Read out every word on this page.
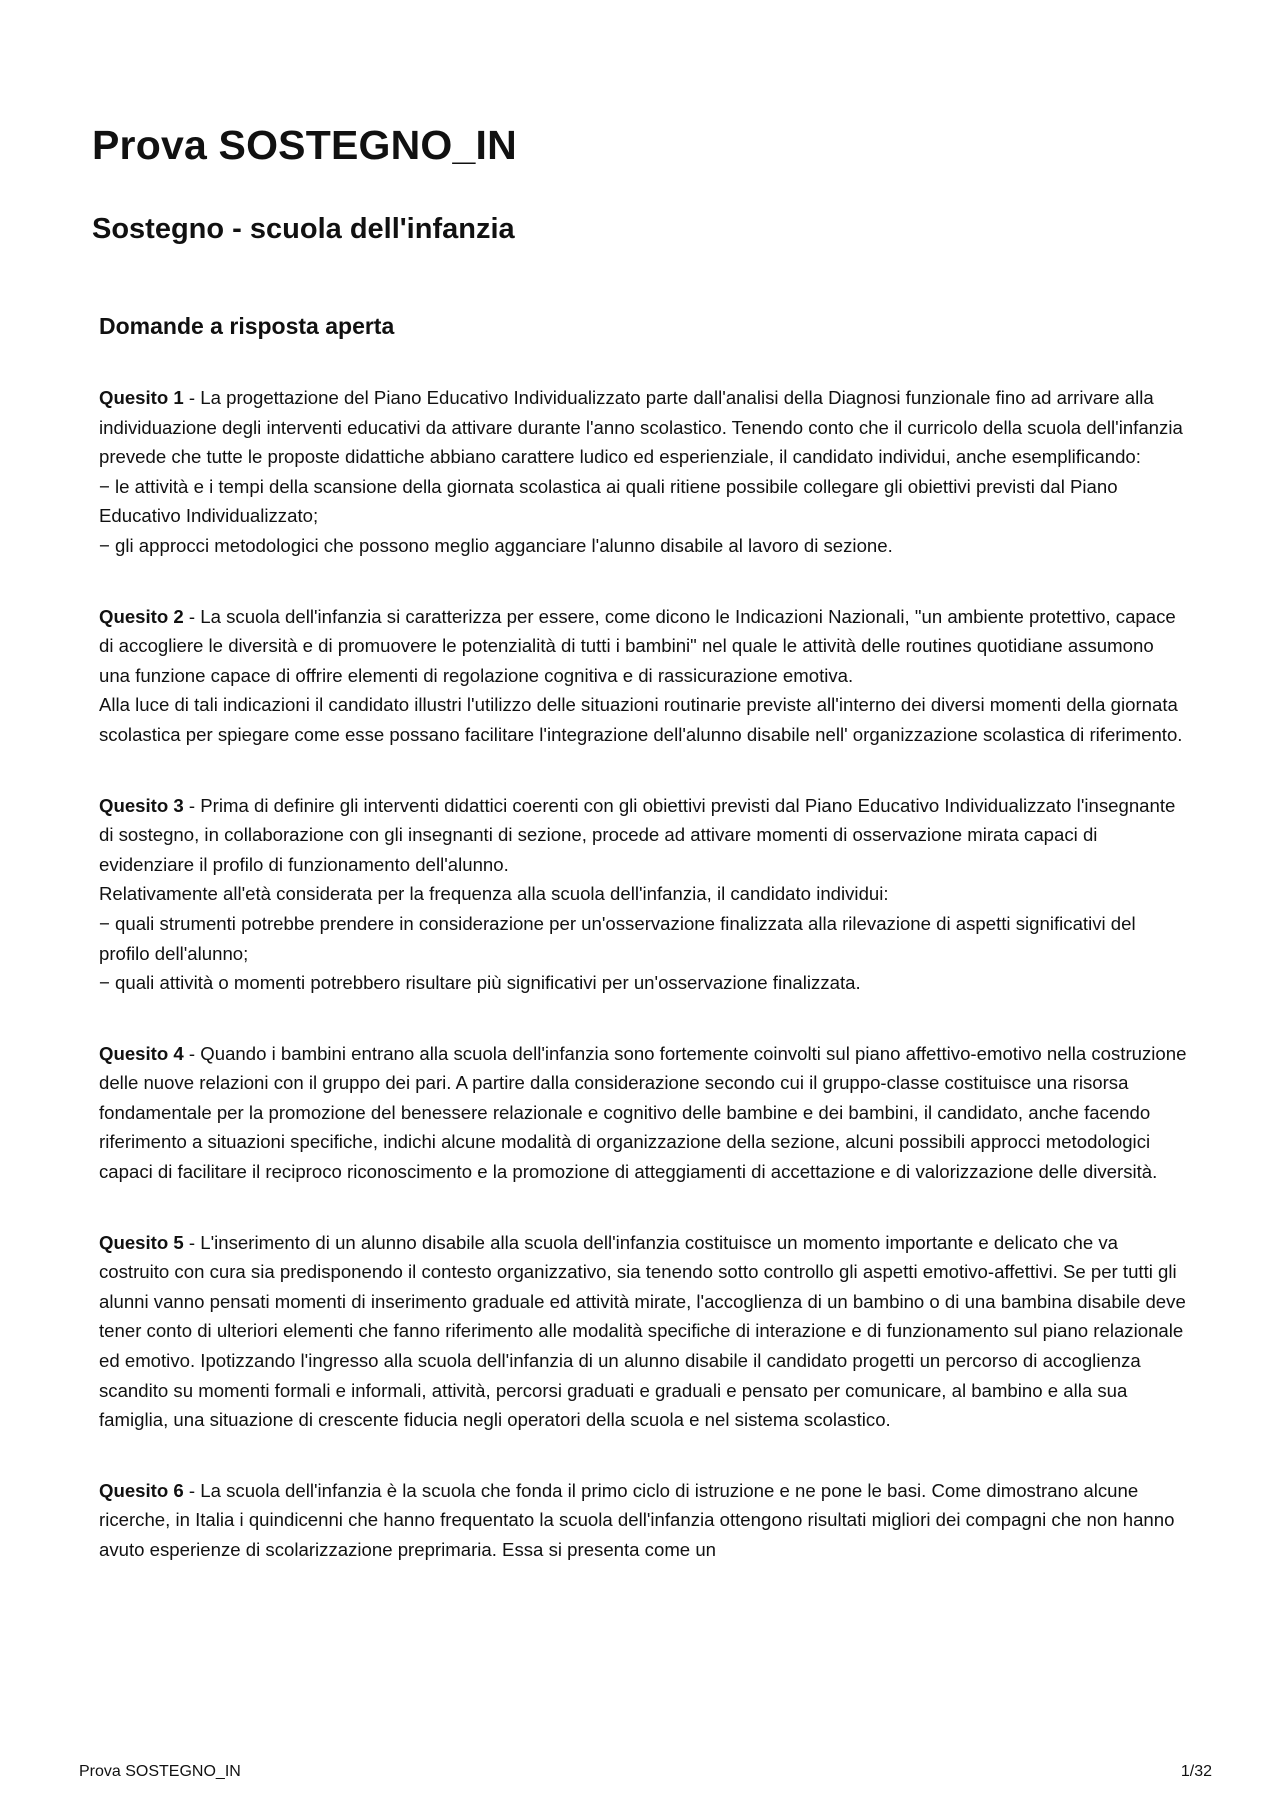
Prova SOSTEGNO_IN
Sostegno - scuola dell'infanzia
Domande a risposta aperta

Quesito 1 - La progettazione del Piano Educativo Individualizzato parte dall'analisi della Diagnosi funzionale fino ad arrivare alla individuazione degli interventi educativi da attivare durante l'anno scolastico. Tenendo conto che il curricolo della scuola dell'infanzia prevede che tutte le proposte didattiche abbiano carattere ludico ed esperienziale, il candidato individui, anche esemplificando:

− le attività e i tempi della scansione della giornata scolastica ai quali ritiene possibile collegare gli obiettivi previsti dal Piano Educativo Individualizzato;

− gli approcci metodologici che possono meglio agganciare l'alunno disabile al lavoro di sezione.

Quesito 2 - La scuola dell'infanzia si caratterizza per essere, come dicono le Indicazioni Nazionali, "un ambiente protettivo, capace di accogliere le diversità e di promuovere le potenzialità di tutti i bambini" nel quale le attività delle routines quotidiane assumono una funzione capace di offrire elementi di regolazione cognitiva e di rassicurazione emotiva.

Alla luce di tali indicazioni il candidato illustri l'utilizzo delle situazioni routinarie previste all'interno dei diversi momenti della giornata scolastica per spiegare come esse possano facilitare l'integrazione dell'alunno disabile nell' organizzazione scolastica di riferimento.

Quesito 3 - Prima di definire gli interventi didattici coerenti con gli obiettivi previsti dal Piano Educativo Individualizzato l'insegnante di sostegno, in collaborazione con gli insegnanti di sezione, procede ad attivare momenti di osservazione mirata capaci di evidenziare il profilo di funzionamento dell'alunno.

Relativamente all'età considerata per la frequenza alla scuola dell'infanzia, il candidato individui:

− quali strumenti potrebbe prendere in considerazione per un'osservazione finalizzata alla rilevazione di aspetti significativi del profilo dell'alunno;

− quali attività o momenti potrebbero risultare più significativi per un'osservazione finalizzata.

Quesito 4 - Quando i bambini entrano alla scuola dell'infanzia sono fortemente coinvolti sul piano affettivo-emotivo nella costruzione delle nuove relazioni con il gruppo dei pari. A partire dalla considerazione secondo cui il gruppo-classe costituisce una risorsa fondamentale per la promozione del benessere relazionale e cognitivo delle bambine e dei bambini, il candidato, anche facendo riferimento a situazioni specifiche, indichi alcune modalità di organizzazione della sezione, alcuni possibili approcci metodologici capaci di facilitare il reciproco riconoscimento e la promozione di atteggiamenti di accettazione e di valorizzazione delle diversità.

Quesito 5 - L'inserimento di un alunno disabile alla scuola dell'infanzia costituisce un momento importante e delicato che va costruito con cura sia predisponendo il contesto organizzativo, sia tenendo sotto controllo gli aspetti emotivo-affettivi. Se per tutti gli alunni vanno pensati momenti di inserimento graduale ed attività mirate, l'accoglienza di un bambino o di una bambina disabile deve tener conto di ulteriori elementi che fanno riferimento alle modalità specifiche di interazione e di funzionamento sul piano relazionale ed emotivo. Ipotizzando l'ingresso alla scuola dell'infanzia di un alunno disabile il candidato progetti un percorso di accoglienza scandito su momenti formali e informali, attività, percorsi graduati e graduali e pensato per comunicare, al bambino e alla sua famiglia, una situazione di crescente fiducia negli operatori della scuola e nel sistema scolastico.

Quesito 6 - La scuola dell'infanzia è la scuola che fonda il primo ciclo di istruzione e ne pone le basi. Come dimostrano alcune ricerche, in Italia i quindicenni che hanno frequentato la scuola dell'infanzia ottengono risultati migliori dei compagni che non hanno avuto esperienze di scolarizzazione preprimaria. Essa si presenta come un

Prova SOSTEGNO_IN	1/32
